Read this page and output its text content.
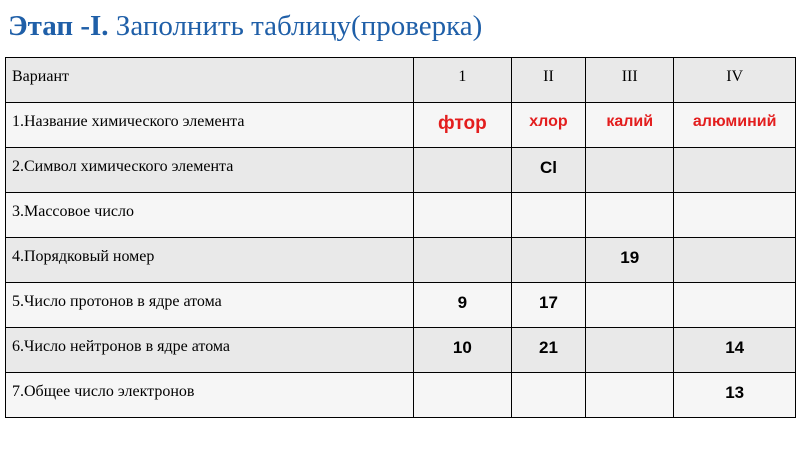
Этап -I. Заполнить таблицу(проверка)
Вариант	1	II	III	IV
1.Название химического элемента	фтор	хлор	калий	алюминий
2.Символ химического элемента		Cl		
3.Массовое число				
4.Порядковый номер			19	
5.Число протонов в ядре атома	9	17		
6.Число нейтронов в ядре атома	10	21		14
7.Общее число электронов				13
